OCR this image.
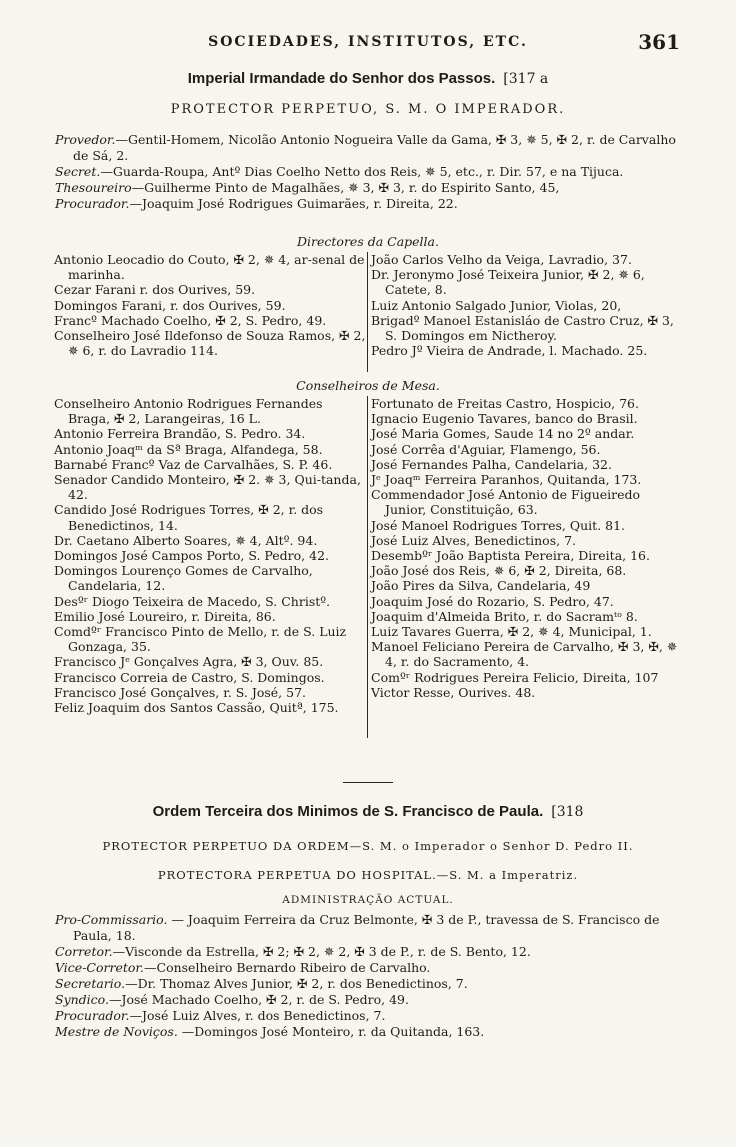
SOCIEDADES, INSTITUTOS, ETC.	361
Imperial Irmandade do Senhor dos Passos. [317 a
PROTECTOR PERPETUO, S. M. O IMPERADOR.

Provedor.—Gentil-Homem, Nicolão Antonio Nogueira Valle da Gama, ✠ 3, ✵ 5, ✠ 2, r. de Carvalho de Sá, 2.

Secret.—Guarda-Roupa, Antº Dias Coelho Netto dos Reis, ✵ 5, etc., r. Dir. 57, e na Tijuca.

Thesoureiro—Guilherme Pinto de Magalhães, ✵ 3, ✠ 3, r. do Espirito Santo, 45,

Procurador.—Joaquim José Rodrigues Guimarães, r. Direita, 22.

Directores da Capella.

Antonio Leocadio do Couto, ✠ 2, ✵ 4, ar-senal de marinha.

Cezar Farani r. dos Ourives, 59.

Domingos Farani, r. dos Ourives, 59.

Francº Machado Coelho, ✠ 2, S. Pedro, 49.

Conselheiro José Ildefonso de Souza Ramos, ✠ 2, ✵ 6, r. do Lavradio 114.

João Carlos Velho da Veiga, Lavradio, 37.

Dr. Jeronymo José Teixeira Junior, ✠ 2, ✵ 6, Catete, 8.

Luiz Antonio Salgado Junior, Violas, 20,

Brigadº Manoel Estanisláo de Castro Cruz, ✠ 3, S. Domingos em Nictheroy.

Pedro Jº Vieira de Andrade, l. Machado. 25.

Conselheiros de Mesa.

Conselheiro Antonio Rodrigues Fernandes Braga, ✠ 2, Larangeiras, 16 L.

Antonio Ferreira Brandão, S. Pedro. 34.

Antonio Joaqᵐ da Sª Braga, Alfandega, 58.

Barnabé Francº Vaz de Carvalhães, S. P. 46.

Senador Candido Monteiro, ✠ 2. ✵ 3, Qui-tanda, 42.

Candido José Rodrigues Torres, ✠ 2, r. dos Benedictinos, 14.

Dr. Caetano Alberto Soares, ✵ 4, Altº. 94.

Domingos José Campos Porto, S. Pedro, 42.

Domingos Lourenço Gomes de Carvalho, Candelaria, 12.

Desºʳ Diogo Teixeira de Macedo, S. Christº.

Emilio José Loureiro, r. Direita, 86.

Comdºʳ Francisco Pinto de Mello, r. de S. Luiz Gonzaga, 35.

Francisco Jᵉ Gonçalves Agra, ✠ 3, Ouv. 85.

Francisco Correia de Castro, S. Domingos.

Francisco José Gonçalves, r. S. José, 57.

Feliz Joaquim dos Santos Cassão, Quitª, 175.

Fortunato de Freitas Castro, Hospicio, 76.

Ignacio Eugenio Tavares, banco do Brasil.

José Maria Gomes, Saude 14 no 2º andar.

José Corrêa d'Aguiar, Flamengo, 56.

José Fernandes Palha, Candelaria, 32.

Jᵉ Joaqᵐ Ferreira Paranhos, Quitanda, 173.

Commendador José Antonio de Figueiredo Junior, Constituição, 63.

José Manoel Rodrigues Torres, Quit. 81.

José Luiz Alves, Benedictinos, 7.

Desembºʳ João Baptista Pereira, Direita, 16.

João José dos Reis, ✵ 6, ✠ 2, Direita, 68.

João Pires da Silva, Candelaria, 49

Joaquim José do Rozario, S. Pedro, 47.

Joaquim d'Almeida Brito, r. do Sacramᵗᵒ 8.

Luiz Tavares Guerra, ✠ 2, ✵ 4, Municipal, 1.

Manoel Feliciano Pereira de Carvalho, ✠ 3, ✠, ✵ 4, r. do Sacramento, 4.

Comºʳ Rodrigues Pereira Felicio, Direita, 107

Victor Resse, Ourives. 48.

Ordem Terceira dos Minimos de S. Francisco de Paula. [318
PROTECTOR PERPETUO DA ORDEM—S. M. o Imperador o Senhor D. Pedro II.
PROTECTORA PERPETUA DO HOSPITAL.—S. M. a Imperatriz.
ADMINISTRAÇÃO ACTUAL.

Pro-Commissario. — Joaquim Ferreira da Cruz Belmonte, ✠ 3 de P., travessa de S. Francisco de Paula, 18.

Corretor.—Visconde da Estrella, ✠ 2; ✠ 2, ✵ 2, ✠ 3 de P., r. de S. Bento, 12.

Vice-Corretor.—Conselheiro Bernardo Ribeiro de Carvalho.

Secretario.—Dr. Thomaz Alves Junior, ✠ 2, r. dos Benedictinos, 7.

Syndico.—José Machado Coelho, ✠ 2, r. de S. Pedro, 49.

Procurador.—José Luiz Alves, r. dos Benedictinos, 7.

Mestre de Noviços. —Domingos José Monteiro, r. da Quitanda, 163.
